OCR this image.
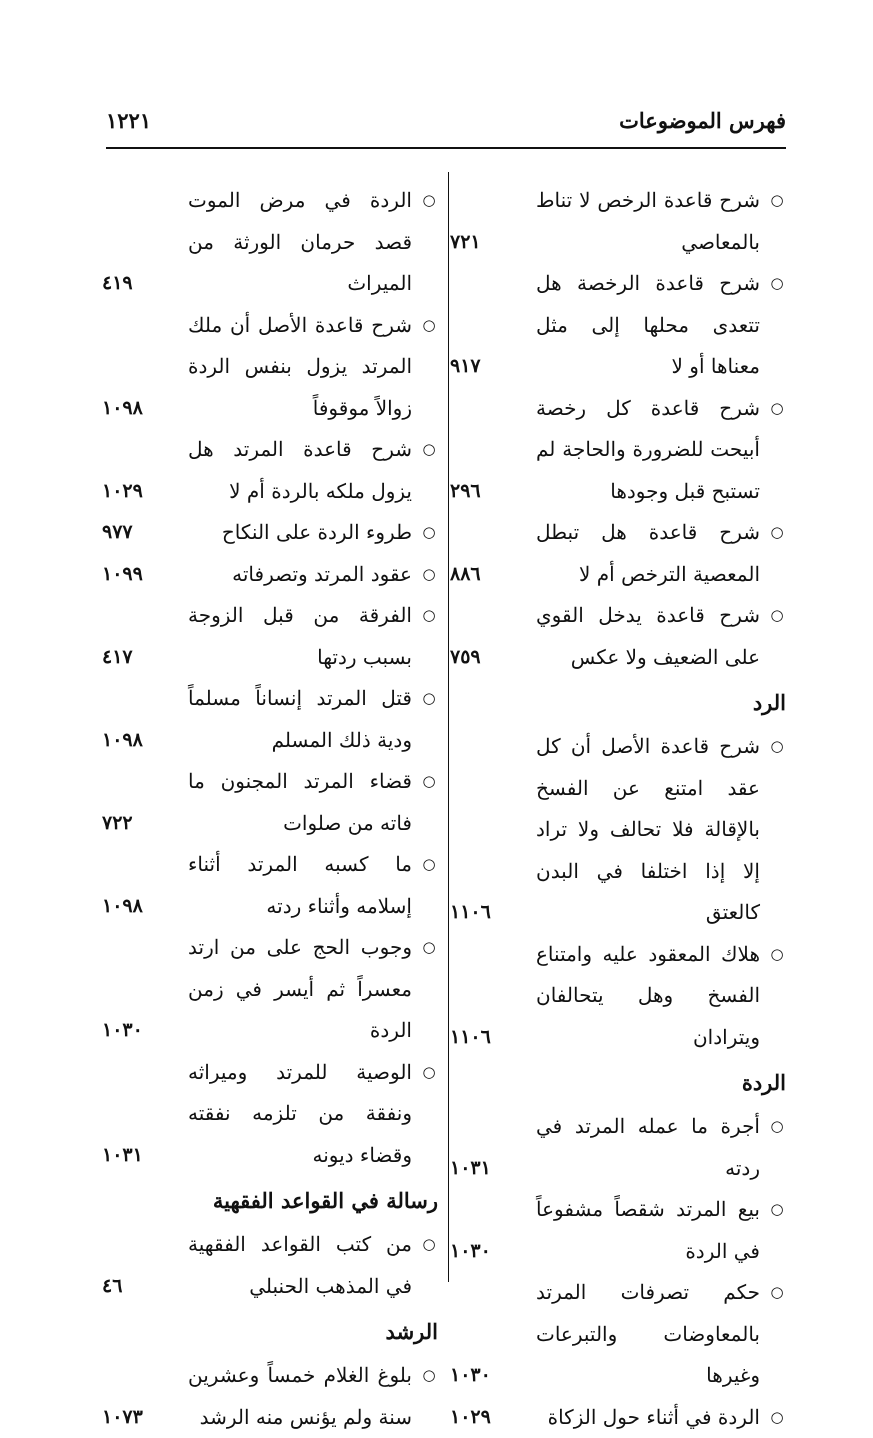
فهرس الموضوعات
١٢٢١
○
شرح قاعدة الرخص لا تناط بالمعاصي
٧٢١
○
شرح قاعدة الرخصة هل تتعدى محلها إلى مثل معناها أو لا
٩١٧
○
شرح قاعدة كل رخصة أبيحت للضرورة والحاجة لم تستبح قبل وجودها
٢٩٦
○
شرح قاعدة هل تبطل المعصية الترخص أم لا
٨٨٦
○
شرح قاعدة يدخل القوي على الضعيف ولا عكس
٧٥٩
الرد
○
شرح قاعدة الأصل أن كل عقد امتنع عن الفسخ بالإقالة فلا تحالف ولا تراد إلا إذا اختلفا في البدن كالعتق
١١٠٦
○
هلاك المعقود عليه وامتناع الفسخ وهل يتحالفان ويترادان
١١٠٦
الردة
○
أجرة ما عمله المرتد في ردته
١٠٣١
○
بيع المرتد شقصاً مشفوعاً في الردة
١٠٣٠
○
حكم تصرفات المرتد بالمعاوضات والتبرعات وغيرها
١٠٣٠
○
الردة في أثناء حول الزكاة
١٠٢٩
○
الردة في مرض الموت قصد حرمان الورثة من الميراث
٤١٩
○
شرح قاعدة الأصل أن ملك المرتد يزول بنفس الردة زوالاً موقوفاً
١٠٩٨
○
شرح قاعدة المرتد هل يزول ملكه بالردة أم لا
١٠٢٩
○
طروء الردة على النكاح
٩٧٧
○
عقود المرتد وتصرفاته
١٠٩٩
○
الفرقة من قبل الزوجة بسبب ردتها
٤١٧
○
قتل المرتد إنساناً مسلماً ودية ذلك المسلم
١٠٩٨
○
قضاء المرتد المجنون ما فاته من صلوات
٧٢٢
○
ما كسبه المرتد أثناء إسلامه وأثناء ردته
١٠٩٨
○
وجوب الحج على من ارتد معسراً ثم أيسر في زمن الردة
١٠٣٠
○
الوصية للمرتد وميراثه ونفقة من تلزمه نفقته وقضاء ديونه
١٠٣١
رسالة في القواعد الفقهية
○
من كتب القواعد الفقهية في المذهب الحنبلي
٤٦
الرشد
○
بلوغ الغلام خمساً وعشرين سنة ولم يؤنس منه الرشد
١٠٧٣
